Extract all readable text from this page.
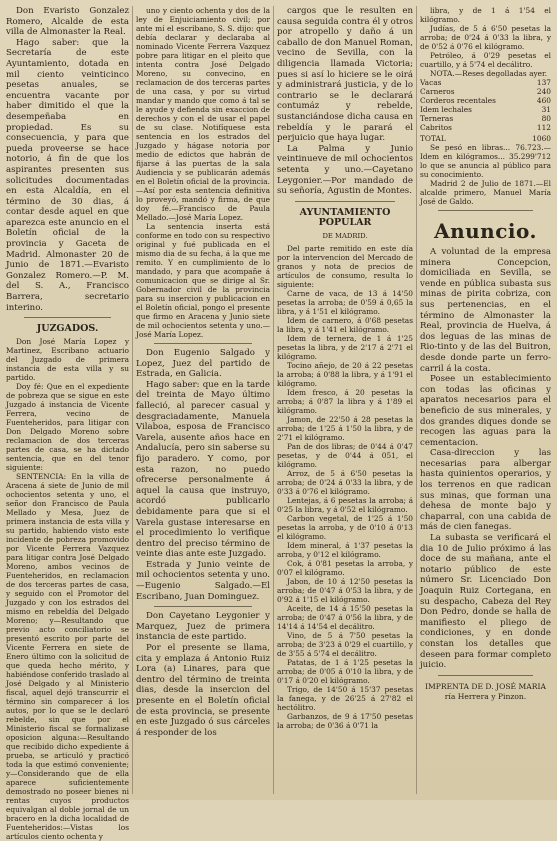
Don Evaristo Gonzalez Romero, Alcalde de esta villa de Almonaster la Real.

Hago saber: que la Secretaría de este Ayuntamiento, dotada en mil ciento veinticinco pesetas anuales, se encuentra vacante por haber dimitido el que la desempeñaba en propiedad. Es su consecuencia, y para que pueda proveerse se hace notorio, á fin de que los aspirantes presenten sus solicitudes documentadas en esta Alcaldía, en el término de 30 dias, á contar desde aquel en que aparezca este anuncio en el Boletín oficial de la provincia y Gaceta de Madrid. Almonaster 20 de Junio de 1871.—Evaristo Gonzalez Romero.—P. M. del S. A., Francisco Barrera, secretario interino.

JUZGADOS.

Don José María Lopez y Martinez, Escribano actuario del Juzgado de primera instancia de esta villa y su partido.

Doy fé: Que en el expediente de pobreza que se sigue en este Juzgado á instancia de Vicente Ferrera, vecino de Fuenteheridos, para litigar con Don Delgado Moreno sobre reclamacion de dos terceras partes de casa, se ha dictado sentencia, que en del tenor siguiente:

SENTENCIA: En la villa de Aracena á siete de Junio de mil ochocientos setenta y uno, el señor don Francisco de Paula Mellado y Mesa, Juez de primera instancia de esta villa y su partido, habiendo visto este incidente de pobreza promovido por Vicente Ferrera Vazquez para litigar contra José Delgado Moreno, ambos vecinos de Fuenteheridos, en reclamacion de dos terceras partes de casa, y seguido con el Promotor del Juzgado y con los estrados del mismo en rebeldía del Delgado Moreno; y—Resultando que previo acto conciliatorio se presentó escrito por parte del Vicente Ferrera en siete de Enero último con la solicitud de que queda hecho mérito, y habiéndose conferido traslado al José Delgado y al Ministerio fiscal, aquel dejó transcurrir el término sin comparecer á los autos, por lo que se le declaró rebelde, sin que por el Ministerio fiscal se formalizase oposicion alguna:—Resultando que recibido dicho expediente á prueba, se articuló y practicó toda la que estimó conveniente; y—Considerando que de ella aparece suficientemente demostrado no poseer bienes ni rentas cuyos productos equivalgan al doble jornal de un bracero en la dicha localidad de Fuenteheridos:—Vistas los artículos ciento ochenta y

uno y ciento ochenta y dos de la ley de Enjuiciamiento civil; por ante mí el escribano, S. S. dijo: que debía declarar y declaraba al nominado Vicente Ferrera Vazquez pobre para litigar en el pleito que intenta contra José Delgado Moreno, su convecino, en reclamacion de dos terceras partes de una casa, y por su virtud mandar y mando que como á tal se le ayude y defienda sin exaccion de derechos y con el de usar el papel de su clase. Notifíquese esta sentencia en los estrados del Juzgado y hágase notoria por medio de edictos que habrán de fijarse á las puertas de la sala Audiencia y se publicarán además en el Boletín oficial de la provincia.—Así por esta sentencia definitiva lo proveyó, mandó y firma, de que doy fé.—Francisco de Paula Mellado.—José María Lopez.

La sentencia inserta está conforme en todo con su respectivo original y fué publicada en el mismo dia de su fecha, á la que me remito. Y en cumplimiento de lo mandado, y para que acompañe á comunicacion que se dirige al Sr. Gobernador civil de la provincia para su insercion y publicacion en el Boletín oficial, pongo el presente que firmo en Aracena y Junio siete de mil ochocientos setenta y uno.—José María Lopez.

Don Eugenio Salgado y Lopez, Juez del partido de Estrada, en Galicia.

Hago saber: que en la tarde del treinta de Mayo último falleció, al parecer casual y desgraciadamente, Manuela Vilaboa, esposa de Francisco Varela, ausente años hace en Andalucía, pero sin saberse su fijo paradero. Y como, por esta razon, no puedo ofrecerse personalmente á aquel la causa que instruyo, acordó publicarlo debidamente para que si el Varela gustase interesarse en el procedimiento lo verifique dentro del preciso término de veinte dias ante este Juzgado.

Estrada y Junio veinte de mil ochocientos setenta y uno.—Eugenio Salgado.—El Escribano, Juan Dominguez.

Don Cayetano Leygonier y Marquez, Juez de primera instancia de este partido.

Por el presente se llama, cita y emplaza á Antonio Ruiz Lora (a) Linares, para que dentro del término de treinta dias, desde la insercion del presente en el Boletín oficial de esta provincia, se presente en este Juzgado ó sus cárceles á responder de los

cargos que le resulten en causa seguida contra él y otros por atropello y daño á un caballo de don Manuel Roman, vecino de Sevilla, con la diligencia llamada Victoria; pues si así lo hiciere se le oirá y administrará justicia, y de lo contrario se le declarará contumáz y rebelde, sustanciándose dicha causa en rebeldía y le parará el perjuicio que haya lugar.

La Palma y Junio veintinueve de mil ochocientos setenta y uno.—Cayetano Leygonier.—Por mandado de su señoría, Agustin de Montes.

AYUNTAMIENTO POPULAR

DE MADRID.

Del parte remitido en este día por la intervencion del Mercado de granos y nota de precios de artículos de consumo, resulta lo siguiente:

Carne de vaca, de 13 á 14'50 pesetas la arroba; de 0'59 á 0,65 la libra, y á 1'51 el kilógramo.

Idem de carnero, á 0'68 pesetas la libra, y á 1'41 el kilógramo.

Idem de ternera, de 1 á 1'25 pesetas la libra, y de 2'17 á 2'71 el kilógramo.

Tocino añejo, de 20 á 22 pesetas la arroba; á 0'88 la libra, y á 1'91 el kilógramo.

Idem fresco, á 20 pesetas la arroba; á 0'87 la libra y á 1'89 el kilógramo.

Jamon, de 22'50 á 28 pesetas la arroba; de 1'25 á 1'50 la libra, y de 2'71 el kilógramo.

Pan de dos libras; de 0'44 á 0'47 pesetas, y de 0'44 á 051, el kilógramo.

Arroz, de 5 á 6'50 pesetas la arroba; de 0'24 á 0'33 la libra, y de 0'33 á 0'76 el kilógramo.

Lentejas, á 6 pesetas la arroba; á 0'25 la libra, y á 0'52 el kilógramo.

Carbon vegetal, de 1'25 á 1'50 pesetas la arroba, y de 0'10 á 0'13 el kilógramo.

Idem mineral, á 1'37 pesetas la arroba, y 0'12 el kilógramo.

Cok, á 0'81 pesetas la arroba, y 0'07 el kilógramo.

Jabon, de 10 á 12'50 pesetas la arroba; de 0'47 á 0'53 la libra, y de 0'92 á 1'15 el kilógramo.

Aceite, de 14 á 15'50 pesetas la arroba; de 0'47 á 0'56 la libra, y de 14'14 á 14'54 el decálitro.

Vino, de 5 á 7'50 pesetas la arroba; de 3'23 á 0'29 el cuartillo, y de 3'55 á 5'74 el decálitro.

Patatas, de 1 á 1'25 pesetas la arroba; de 0'05 á 0'10 la libra, y de 0'17 á 0'20 el kilógramo.

Trigo, de 14'50 á 15'37 pesetas la fanega, y de 26'25 á 27'82 el hectólitro.

Garbanzos, de 9 á 17'50 pesetas la arroba; de 0'36 á 0'71 la

libra, y de 1 á 1'54 el kilógramo.

Judías, de 5 á 6'50 pesetas la arroba; de 0'24 á 0'33 la libra, y de 0'52 á 0'76 el kilógramo.

Petróleo, á 0'29 pesetas el cuartillo, y á 5'74 el decálitro.

NOTA.—Reses degolladas ayer.

Vacas	137
Carneros	240
Corderos recentales	460
Idem lechales	31
Terneras	80
Cabritos	112
TOTAL	1060

Se pesó en libras... 76.723.— Idem en kilógramos... 35.299'712 lo que se anuncia al público para su conocimiento.

Madrid 2 de Julio de 1871.—El alcalde primero, Manuel María José de Galdo.

Anuncio.

A voluntad de la empresa minera Concepcion, domiciliada en Sevilla, se vende en pública subasta sus minas de pirita cobriza, con sus pertenencias, en el término de Almonaster la Real, provincia de Huelva, á dos leguas de las minas de Rio-tinto y de las del Buitron, desde donde parte un ferro-carril á la costa.

Posee un establecimiento con todas las oficinas y aparatos necesarios para el beneficio de sus minerales, y dos grandes diques donde se recogen las aguas para la cementacion.

Casa-direccion y las necesarias para albergar hasta quinientos operarios, y los terrenos en que radican sus minas, que forman una dehesa de monte bajo y chaparral, con una cabida de más de cien fanegas.

La subasta se verificará el dia 10 de Julio próximo á las doce de su mañana, ante el notario público de este número Sr. Licenciado Don Joaquin Ruiz Cortegana, en su despacho, Cabeza del Rey Don Pedro, donde se halla de manifiesto el pliego de condiciones, y en donde constan los detalles que deseen para formar completo juicio.

IMPRENTA DE D. JOSÉ MARIA

ría Herrera y Pinzon.
